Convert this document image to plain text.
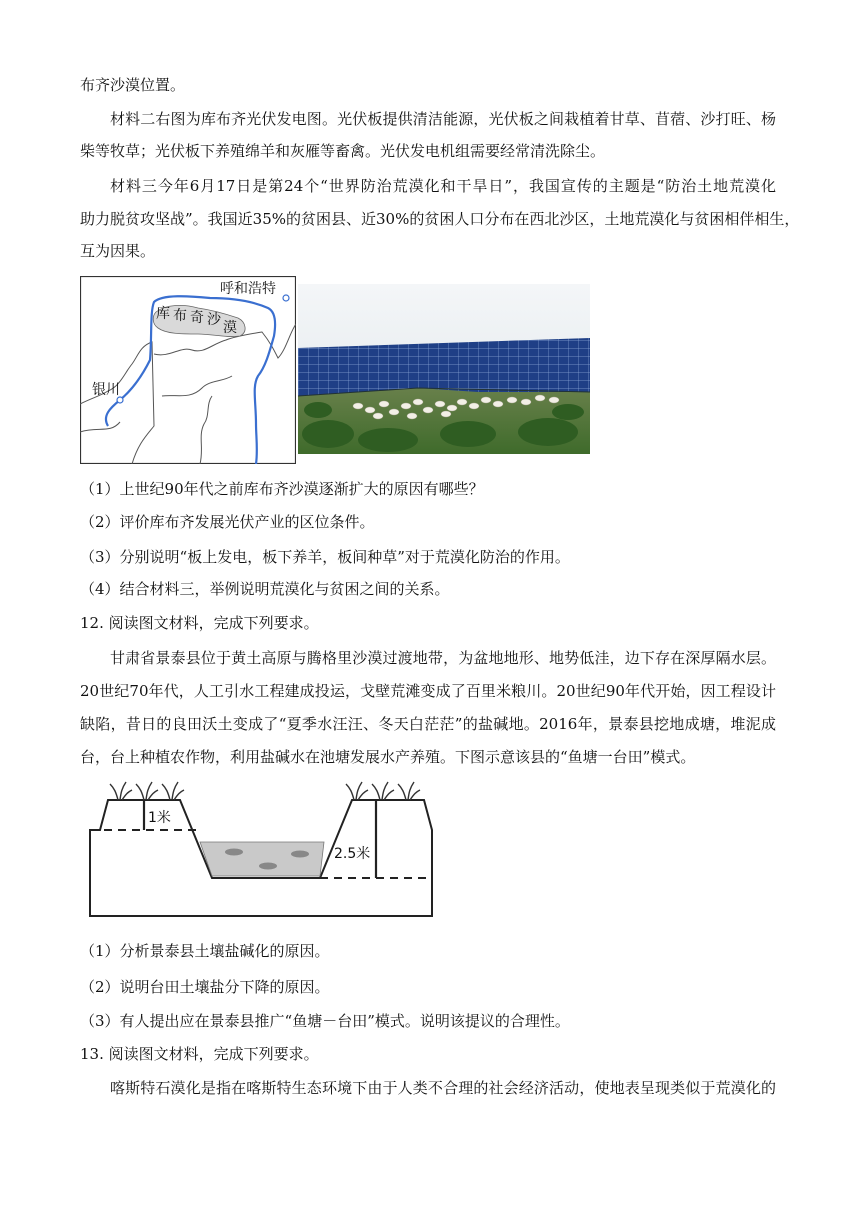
布齐沙漠位置。
材料二右图为库布齐光伏发电图。光伏板提供清洁能源，光伏板之间栽植着甘草、苜蓿、沙打旺、杨
柴等牧草；光伏板下养殖绵羊和灰雁等畜禽。光伏发电机组需要经常清洗除尘。
材料三今年6月17日是第24个“世界防治荒漠化和干旱日”，我国宣传的主题是“防治土地荒漠化
助力脱贫攻坚战”。我国近35%的贫困县、近30%的贫困人口分布在西北沙区，土地荒漠化与贫困相伴相生，
互为因果。
呼和浩特
银川
库 布 奇 沙 漠
（1）上世纪90年代之前库布齐沙漠逐渐扩大的原因有哪些？
（2）评价库布齐发展光伏产业的区位条件。
（3）分别说明“板上发电，板下养羊，板间种草”对于荒漠化防治的作用。
（4）结合材料三，举例说明荒漠化与贫困之间的关系。
12. 阅读图文材料，完成下列要求。
甘肃省景泰县位于黄土高原与腾格里沙漠过渡地带，为盆地地形、地势低洼，边下存在深厚隔水层。
20世纪70年代，人工引水工程建成投运，戈壁荒滩变成了百里米粮川。20世纪90年代开始，因工程设计
缺陷，昔日的良田沃土变成了“夏季水汪汪、冬天白茫茫”的盐碱地。2016年，景泰县挖地成塘，堆泥成
台，台上种植农作物，利用盐碱水在池塘发展水产养殖。下图示意该县的“鱼塘一台田”模式。
1米
2.5米
（1）分析景泰县土壤盐碱化的原因。
（2）说明台田土壤盐分下降的原因。
（3）有人提出应在景泰县推广“鱼塘－台田”模式。说明该提议的合理性。
13. 阅读图文材料，完成下列要求。
喀斯特石漠化是指在喀斯特生态环境下由于人类不合理的社会经济活动，使地表呈现类似于荒漠化的
